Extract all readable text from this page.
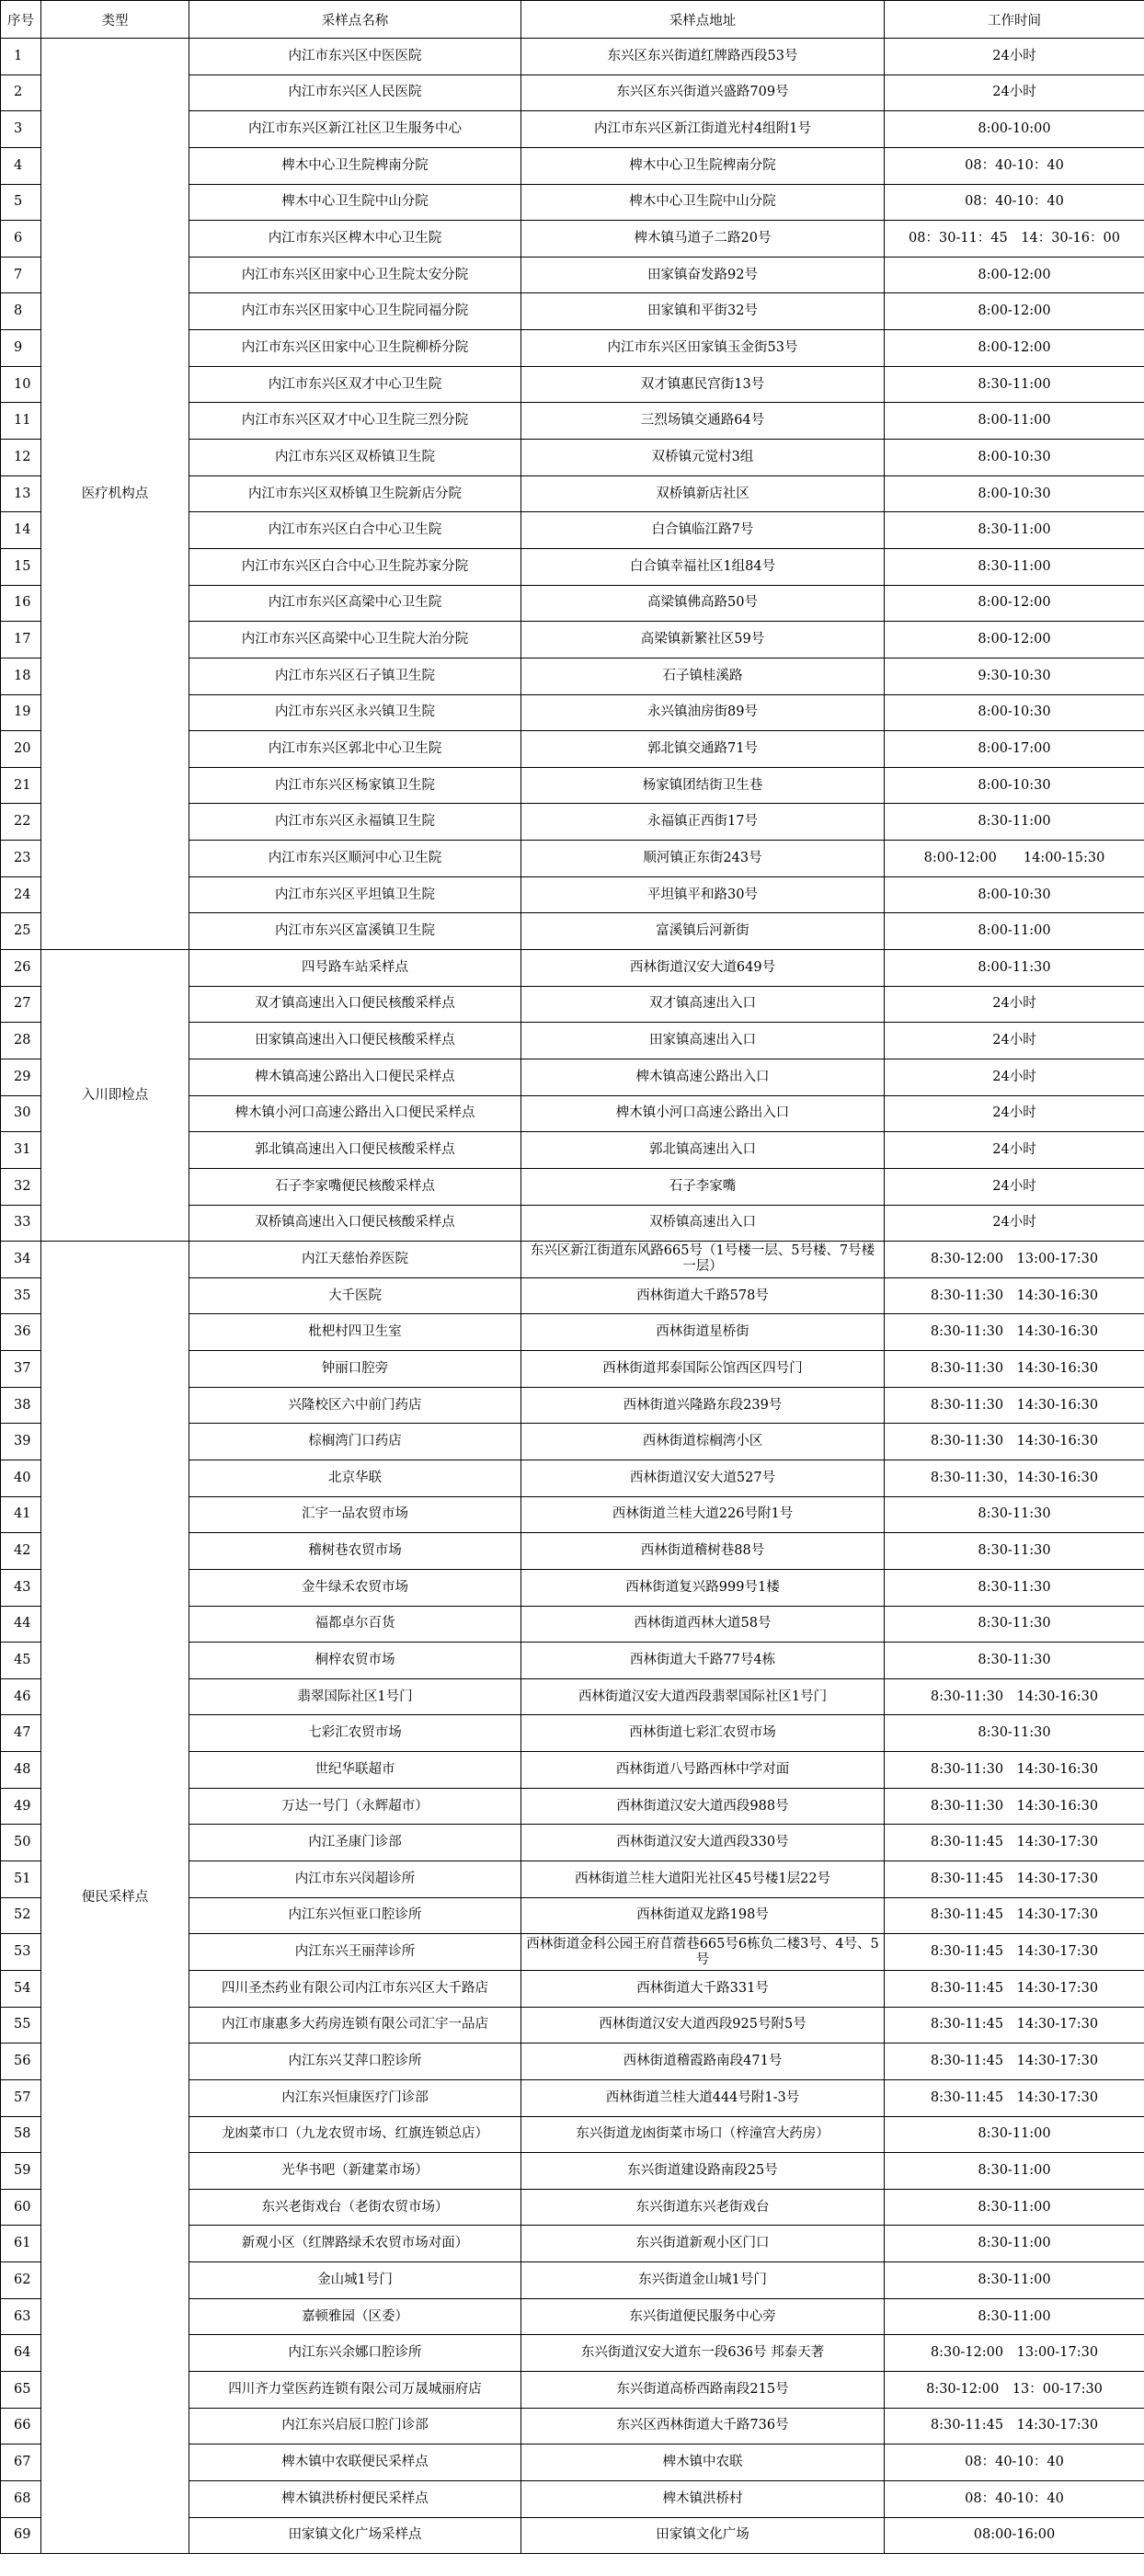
序号	类型	采样点名称	采样点地址	工作时间
1	医疗机构点	内江市东兴区中医医院	东兴区东兴街道红牌路西段53号	24小时
2		内江市东兴区人民医院	东兴区东兴街道兴盛路709号	24小时
3		内江市东兴区新江社区卫生服务中心	内江市东兴区新江街道光村4组附1号	8:00-10:00
4		椑木中心卫生院椑南分院	椑木中心卫生院椑南分院	08：40-10：40
5		椑木中心卫生院中山分院	椑木中心卫生院中山分院	08：40-10：40
6		内江市东兴区椑木中心卫生院	椑木镇马道子二路20号	08：30-11：45　14：30-16：00
7		内江市东兴区田家中心卫生院太安分院	田家镇奋发路92号	8:00-12:00
8		内江市东兴区田家中心卫生院同福分院	田家镇和平街32号	8:00-12:00
9		内江市东兴区田家中心卫生院柳桥分院	内江市东兴区田家镇玉金街53号	8:00-12:00
10		内江市东兴区双才中心卫生院	双才镇惠民宫街13号	8:30-11:00
11		内江市东兴区双才中心卫生院三烈分院	三烈场镇交通路64号	8:00-11:00
12		内江市东兴区双桥镇卫生院	双桥镇元觉村3组	8:00-10:30
13		内江市东兴区双桥镇卫生院新店分院	双桥镇新店社区	8:00-10:30
14		内江市东兴区白合中心卫生院	白合镇临江路7号	8:30-11:00
15		内江市东兴区白合中心卫生院苏家分院	白合镇幸福社区1组84号	8:30-11:00
16		内江市东兴区高梁中心卫生院	高梁镇佛高路50号	8:00-12:00
17		内江市东兴区高梁中心卫生院大治分院	高梁镇新繁社区59号	8:00-12:00
18		内江市东兴区石子镇卫生院	石子镇桂溪路	9:30-10:30
19		内江市东兴区永兴镇卫生院	永兴镇油房街89号	8:00-10:30
20		内江市东兴区郭北中心卫生院	郭北镇交通路71号	8:00-17:00
21		内江市东兴区杨家镇卫生院	杨家镇团结街卫生巷	8:00-10:30
22		内江市东兴区永福镇卫生院	永福镇正西街17号	8:30-11:00
23		内江市东兴区顺河中心卫生院	顺河镇正东街243号	8:00-12:00　　14:00-15:30
24		内江市东兴区平坦镇卫生院	平坦镇平和路30号	8:00-10:30
25		内江市东兴区富溪镇卫生院	富溪镇后河新街	8:00-11:00
26	入川即检点	四号路车站采样点	西林街道汉安大道649号	8:00-11:30
27		双才镇高速出入口便民核酸采样点	双才镇高速出入口	24小时
28		田家镇高速出入口便民核酸采样点	田家镇高速出入口	24小时
29		椑木镇高速公路出入口便民采样点	椑木镇高速公路出入口	24小时
30		椑木镇小河口高速公路出入口便民采样点	椑木镇小河口高速公路出入口	24小时
31		郭北镇高速出入口便民核酸采样点	郭北镇高速出入口	24小时
32		石子李家嘴便民核酸采样点	石子李家嘴	24小时
33		双桥镇高速出入口便民核酸采样点	双桥镇高速出入口	24小时
34	便民采样点	内江天慈怡养医院	东兴区新江街道东风路665号（1号楼一层、5号楼、7号楼一层）	8:30-12:00　13:00-17:30
35		大千医院	西林街道大千路578号	8:30-11:30　14:30-16:30
36		枇杷村四卫生室	西林街道星桥街	8:30-11:30　14:30-16:30
37		钟丽口腔旁	西林街道邦泰国际公馆西区四号门	8:30-11:30　14:30-16:30
38		兴隆校区六中前门药店	西林街道兴隆路东段239号	8:30-11:30　14:30-16:30
39		棕榈湾门口药店	西林街道棕榈湾小区	8:30-11:30　14:30-16:30
40		北京华联	西林街道汉安大道527号	8:30-11:30，14:30-16:30
41		汇宇一品农贸市场	西林街道兰桂大道226号附1号	8:30-11:30
42		稽树巷农贸市场	西林街道稽树巷88号	8:30-11:30
43		金牛绿禾农贸市场	西林街道复兴路999号1楼	8:30-11:30
44		福都卓尔百货	西林街道西林大道58号	8:30-11:30
45		桐梓农贸市场	西林街道大千路77号4栋	8:30-11:30
46		翡翠国际社区1号门	西林街道汉安大道西段翡翠国际社区1号门	8:30-11:30　14:30-16:30
47		七彩汇农贸市场	西林街道七彩汇农贸市场	8:30-11:30
48		世纪华联超市	西林街道八号路西林中学对面	8:30-11:30　14:30-16:30
49		万达一号门（永辉超市）	西林街道汉安大道西段988号	8:30-11:30　14:30-16:30
50		内江圣康门诊部	西林街道汉安大道西段330号	8:30-11:45　14:30-17:30
51		内江市东兴闵超诊所	西林街道兰桂大道阳光社区45号楼1层22号	8:30-11:45　14:30-17:30
52		内江东兴恒亚口腔诊所	西林街道双龙路198号	8:30-11:45　14:30-17:30
53		内江东兴王丽萍诊所	西林街道金科公园王府苜蓿巷665号6栋负二楼3号、4号、5号	8:30-11:45　14:30-17:30
54		四川圣杰药业有限公司内江市东兴区大千路店	西林街道大千路331号	8:30-11:45　14:30-17:30
55		内江市康惠多大药房连锁有限公司汇宇一品店	西林街道汉安大道西段925号附5号	8:30-11:45　14:30-17:30
56		内江东兴艾萍口腔诊所	西林街道稽霞路南段471号	8:30-11:45　14:30-17:30
57		内江东兴恒康医疗门诊部	西林街道兰桂大道444号附1-3号	8:30-11:45　14:30-17:30
58		龙凼菜市口（九龙农贸市场、红旗连锁总店）	东兴街道龙凼街菜市场口（梓潼宫大药房）	8:30-11:00
59		光华书吧（新建菜市场）	东兴街道建设路南段25号	8:30-11:00
60		东兴老街戏台（老街农贸市场）	东兴街道东兴老街戏台	8:30-11:00
61		新观小区（红牌路绿禾农贸市场对面）	东兴街道新观小区门口	8:30-11:00
62		金山城1号门	东兴街道金山城1号门	8:30-11:00
63		嘉顿雅园（区委）	东兴街道便民服务中心旁	8:30-11:00
64		内江东兴余娜口腔诊所	东兴街道汉安大道东一段636号 邦泰天著	8:30-12:00　13:00-17:30
65		四川齐力堂医药连锁有限公司万晟城丽府店	东兴街道高桥西路南段215号	8:30-12:00　13：00-17:30
66		内江东兴启辰口腔门诊部	东兴区西林街道大千路736号	8:30-11:45　14:30-17:30
67		椑木镇中农联便民采样点	椑木镇中农联	08：40-10：40
68		椑木镇洪桥村便民采样点	椑木镇洪桥村	08：40-10：40
69		田家镇文化广场采样点	田家镇文化广场	08:00-16:00
